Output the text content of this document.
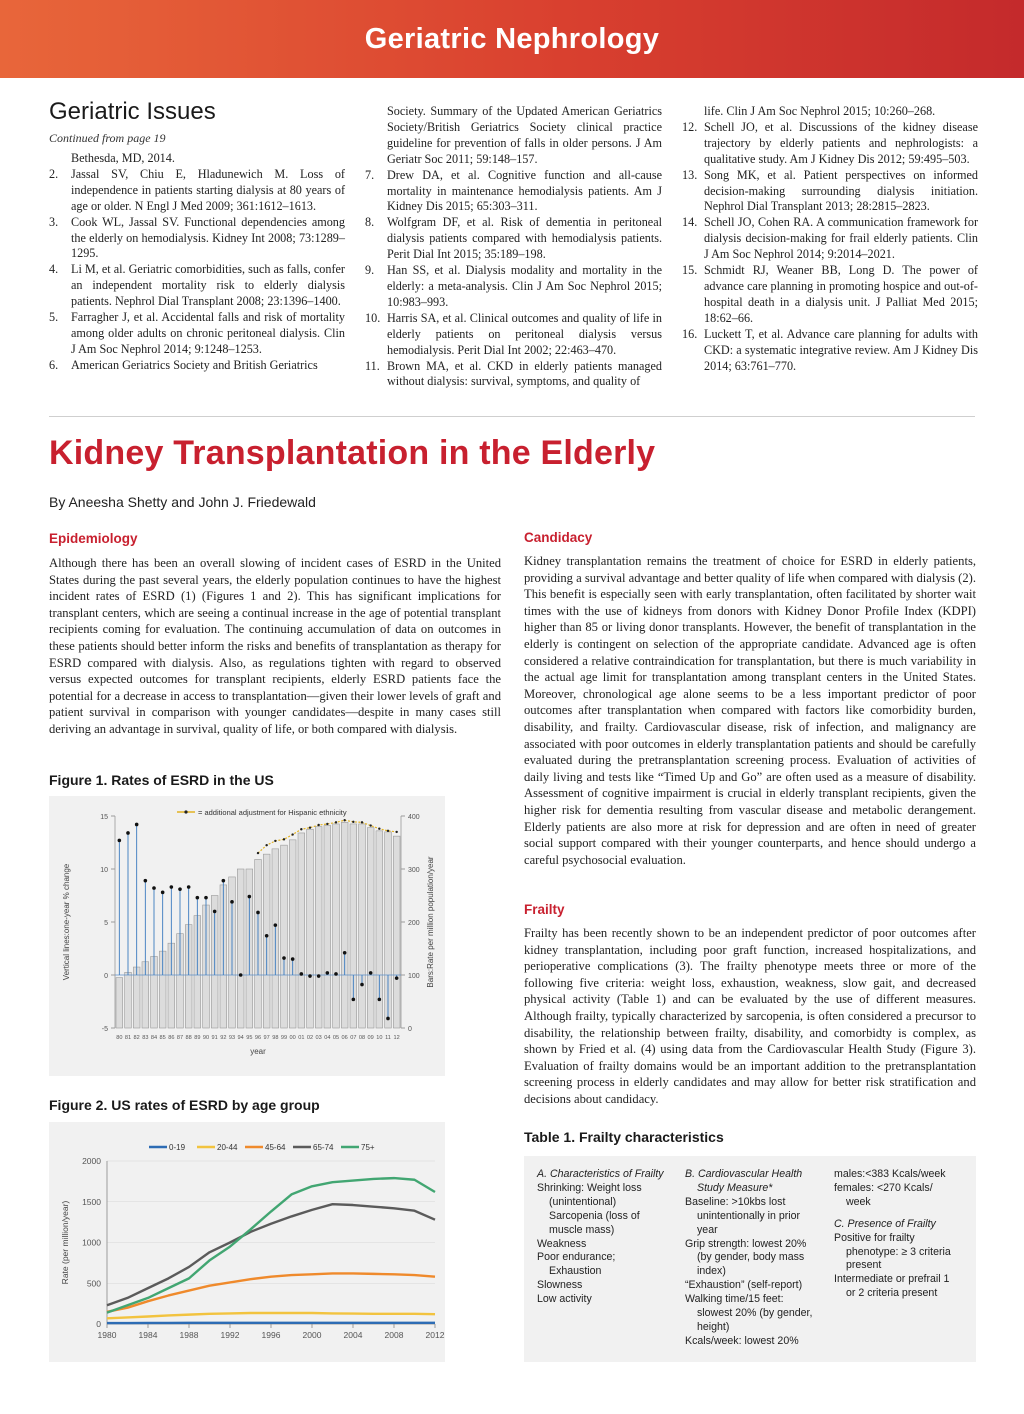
Geriatric Nephrology
Geriatric Issues
Continued from page 19
Bethesda, MD, 2014.
2.	Jassal SV, Chiu E, Hladunewich M. Loss of independence in patients starting dialysis at 80 years of age or older. N Engl J Med 2009; 361:1612–1613.
3.	Cook WL, Jassal SV. Functional dependencies among the elderly on hemodialysis. Kidney Int 2008; 73:1289–1295.
4.	Li M, et al. Geriatric comorbidities, such as falls, confer an independent mortality risk to elderly dialysis patients. Nephrol Dial Transplant 2008; 23:1396–1400.
5.	Farragher J, et al. Accidental falls and risk of mortality among older adults on chronic peritoneal dialysis. Clin J Am Soc Nephrol 2014; 9:1248–1253.
6.	American Geriatrics Society and British Geriatrics
Society. Summary of the Updated American Geriatrics Society/British Geriatrics Society clinical practice guideline for prevention of falls in older persons. J Am Geriatr Soc 2011; 59:148–157.
7.	Drew DA, et al. Cognitive function and all-cause mortality in maintenance hemodialysis patients. Am J Kidney Dis 2015; 65:303–311.
8.	Wolfgram DF, et al. Risk of dementia in peritoneal dialysis patients compared with hemodialysis patients. Perit Dial Int 2015; 35:189–198.
9.	Han SS, et al. Dialysis modality and mortality in the elderly: a meta-analysis. Clin J Am Soc Nephrol 2015; 10:983–993.
10. Harris SA, et al. Clinical outcomes and quality of life in elderly patients on peritoneal dialysis versus hemodialysis. Perit Dial Int 2002; 22:463–470.
11. Brown MA, et al. CKD in elderly patients managed without dialysis: survival, symptoms, and quality of
life. Clin J Am Soc Nephrol 2015; 10:260–268.
12. Schell JO, et al. Discussions of the kidney disease trajectory by elderly patients and nephrologists: a qualitative study. Am J Kidney Dis 2012; 59:495–503.
13. Song MK, et al. Patient perspectives on informed decision-making surrounding dialysis initiation. Nephrol Dial Transplant 2013; 28:2815–2823.
14. Schell JO, Cohen RA. A communication framework for dialysis decision-making for frail elderly patients. Clin J Am Soc Nephrol 2014; 9:2014–2021.
15. Schmidt RJ, Weaner BB, Long D. The power of advance care planning in promoting hospice and out-of-hospital death in a dialysis unit. J Palliat Med 2015; 18:62–66.
16. Luckett T, et al. Advance care planning for adults with CKD: a systematic integrative review. Am J Kidney Dis 2014; 63:761–770.
Kidney Transplantation in the Elderly
By Aneesha Shetty and John J. Friedewald
Epidemiology
Although there has been an overall slowing of incident cases of ESRD in the United States during the past several years, the elderly population continues to have the highest incident rates of ESRD (1) (Figures 1 and 2). This has significant implications for transplant centers, which are seeing a continual increase in the age of potential transplant recipients coming for evaluation. The continuing accumulation of data on outcomes in these patients should better inform the risks and benefits of transplantation as therapy for ESRD compared with dialysis. Also, as regulations tighten with regard to observed versus expected outcomes for transplant recipients, elderly ESRD patients face the potential for a decrease in access to transplantation—given their lower levels of graft and patient survival in comparison with younger candidates—despite in many cases still deriving an advantage in survival, quality of life, or both compared with dialysis.
Figure 1. Rates of ESRD in the US
-5
0
5
10
15
0
100
200
300
400
= additional adjustment for Hispanic ethnicity
80 81 82 83 84 85 86 87 88 89 90 91 92 93 94 95 96 97 98 99 00 01 02 03 04 05 06 07 08 09 10 11 12
year
Vertical lines:one-year % change	Bars:Rate per million population/year
Figure 2. US rates of ESRD by age group
0
500
1000
1500
2000
1980	1984	1988	1992	1996	2000	2004	2008	2012
Rate (per million/year)
0-19	20-44	45-64	65-74	75+
Candidacy
Kidney transplantation remains the treatment of choice for ESRD in elderly patients, providing a survival advantage and better quality of life when compared with dialysis (2). This benefit is especially seen with early transplantation, often facilitated by shorter wait times with the use of kidneys from donors with Kidney Donor Profile Index (KDPI) higher than 85 or living donor transplants. However, the benefit of transplantation in the elderly is contingent on selection of the appropriate candidate. Advanced age is often considered a relative contraindication for transplantation, but there is much variability in the actual age limit for transplantation among transplant centers in the United States. Moreover, chronological age alone seems to be a less important predictor of poor outcomes after transplantation when compared with factors like comorbidity burden, disability, and frailty. Cardiovascular disease, risk of infection, and malignancy are associated with poor outcomes in elderly transplantation patients and should be carefully evaluated during the pretransplantation screening process. Evaluation of activities of daily living and tests like “Timed Up and Go” are often used as a measure of disability. Assessment of cognitive impairment is crucial in elderly transplant recipients, given the higher risk for dementia resulting from vascular disease and metabolic derangement. Elderly patients are also more at risk for depression and are often in need of greater social support compared with their younger counterparts, and hence should undergo a careful psychosocial evaluation.
Frailty
Frailty has been recently shown to be an independent predictor of poor outcomes after kidney transplantation, including poor graft function, increased hospitalizations, and perioperative complications (3). The frailty phenotype meets three or more of the following five criteria: weight loss, exhaustion, weakness, slow gait, and decreased physical activity (Table 1) and can be evaluated by the use of different measures. Although frailty, typically characterized by sarcopenia, is often considered a precursor to disability, the relationship between frailty, disability, and comorbidty is complex, as shown by Fried et al. (4) using data from the Cardiovascular Health Study (Figure 3). Evaluation of frailty domains would be an important addition to the pretransplantation screening process in elderly candidates and may allow for better risk stratification and decisions about candidacy.
Table 1. Frailty characteristics
A. Characteristics of Frailty
Shrinking: Weight loss
(unintentional)
Sarcopenia (loss of
muscle mass)
Weakness
Poor endurance;
Exhaustion
Slowness
Low activity
B. Cardiovascular Health
Study Measure*
Baseline: >10kbs lost
unintentionally in prior
year
Grip strength: lowest 20%
(by gender, body mass
index)
“Exhaustion” (self-report)
Walking time/15 feet:
slowest 20% (by gender,
height)
Kcals/week: lowest 20%
males:<383 Kcals/week
females: <270 Kcals/
week
C. Presence of Frailty
Positive for frailty
phenotype: ≥ 3 criteria
present
Intermediate or prefrail 1
or 2 criteria present
